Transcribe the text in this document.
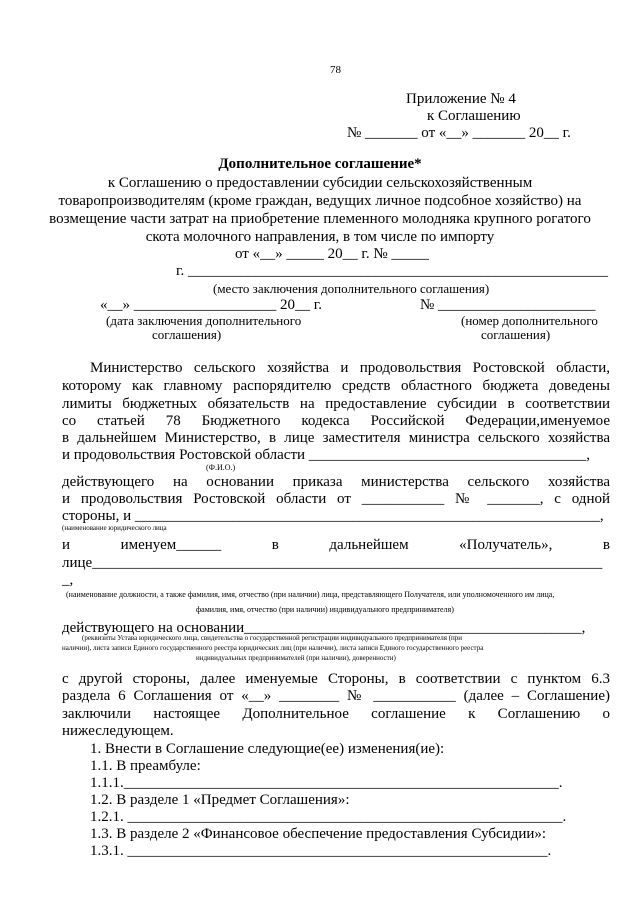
78
Приложение № 4
к Соглашению
№ _______ от «__» _______ 20__ г.
Дополнительное соглашение*
к Соглашению о предоставлении субсидии сельскохозяйственным
товаропроизводителям (кроме граждан, ведущих личное подсобное хозяйство) на
возмещение части затрат на приобретение племенного молодняка крупного рогатого
скота молочного направления, в том числе по импорту
от «__» _____ 20__ г. № _____
г. ________________________________________________________
(место заключения дополнительного соглашения)
«__» ___________________ 20__ г.
(дата заключения дополнительного
соглашения)
№ _____________________
(номер дополнительного
соглашения)
Министерство сельского хозяйства и продовольствия Ростовской области,
которому как главному распорядителю средств областного бюджета доведены
лимиты бюджетных обязательств на предоставление субсидии в соответствии
со статьей 78 Бюджетного кодекса Российской Федерации,именуемое
в дальнейшем Министерство, в лице заместителя министра сельского хозяйства
и продовольствия Ростовской области _____________________________________,
(Ф.И.О.)
действующего на основании приказа министерства сельского хозяйства
и продовольствия Ростовской области от ___________ № _______, с одной
стороны, и ______________________________________________________________,
(наименование юридического лица
и именуем______ в дальнейшем «Получатель», в
лице____________________________________________________________________
_,
(наименование должности, а также фамилия, имя, отчество (при наличии) лица, представляющего Получателя, или уполномоченного им лица,
фамилия, имя, отчество (при наличии) индивидуального предпринимателя)
действующего на основании_____________________________________________,
(реквизиты Устава юридического лица, свидетельства о государственной регистрации индивидуального предпринимателя (при
наличии), листа записи Единого государственного реестра юридических лиц (при наличии), листа записи Единого государственного реестра
индивидуальных предпринимателей (при наличии), доверенности)
с другой стороны, далее именуемые Стороны, в соответствии с пунктом 6.3
раздела 6 Соглашения от «__» ________ № ___________ (далее – Соглашение)
заключили настоящее Дополнительное соглашение к Соглашению о
нижеследующем.
1. Внести в Соглашение следующие(ее) изменения(ие):
1.1. В преамбуле:
1.1.1.__________________________________________________________.
1.2. В разделе 1 «Предмет Соглашения»:
1.2.1. __________________________________________________________.
1.3. В разделе 2 «Финансовое обеспечение предоставления Субсидии»:
1.3.1. ________________________________________________________.
